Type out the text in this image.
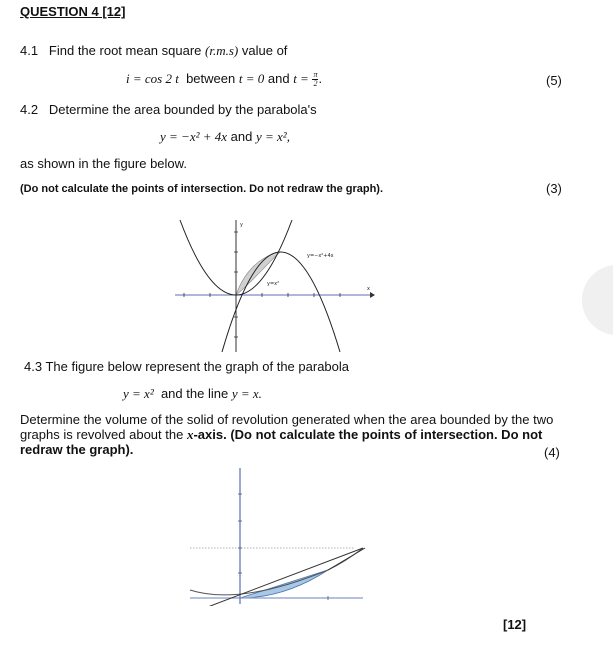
QUESTION 4 [12]
4.1 Find the root mean square (r.m.s) value of
i = cos 2 t between t = 0 and $t = \frac{\pi}{2}$ .	(5)
4.2 Determine the area bounded by the parabola's
y = −x² + 4x and y = x²,
as shown in the figure below.
(Do not calculate the points of intersection. Do not redraw the graph).	(3)
y=−x²+4x
y=x²
y
x
4.3 The figure below represent the graph of the parabola
y = x² and the line y = x.
Determine the volume of the solid of revolution generated when the area bounded by the two graphs is revolved about the x-axis. (Do not calculate the points of intersection. Do not redraw the graph).	(4)
[12]
